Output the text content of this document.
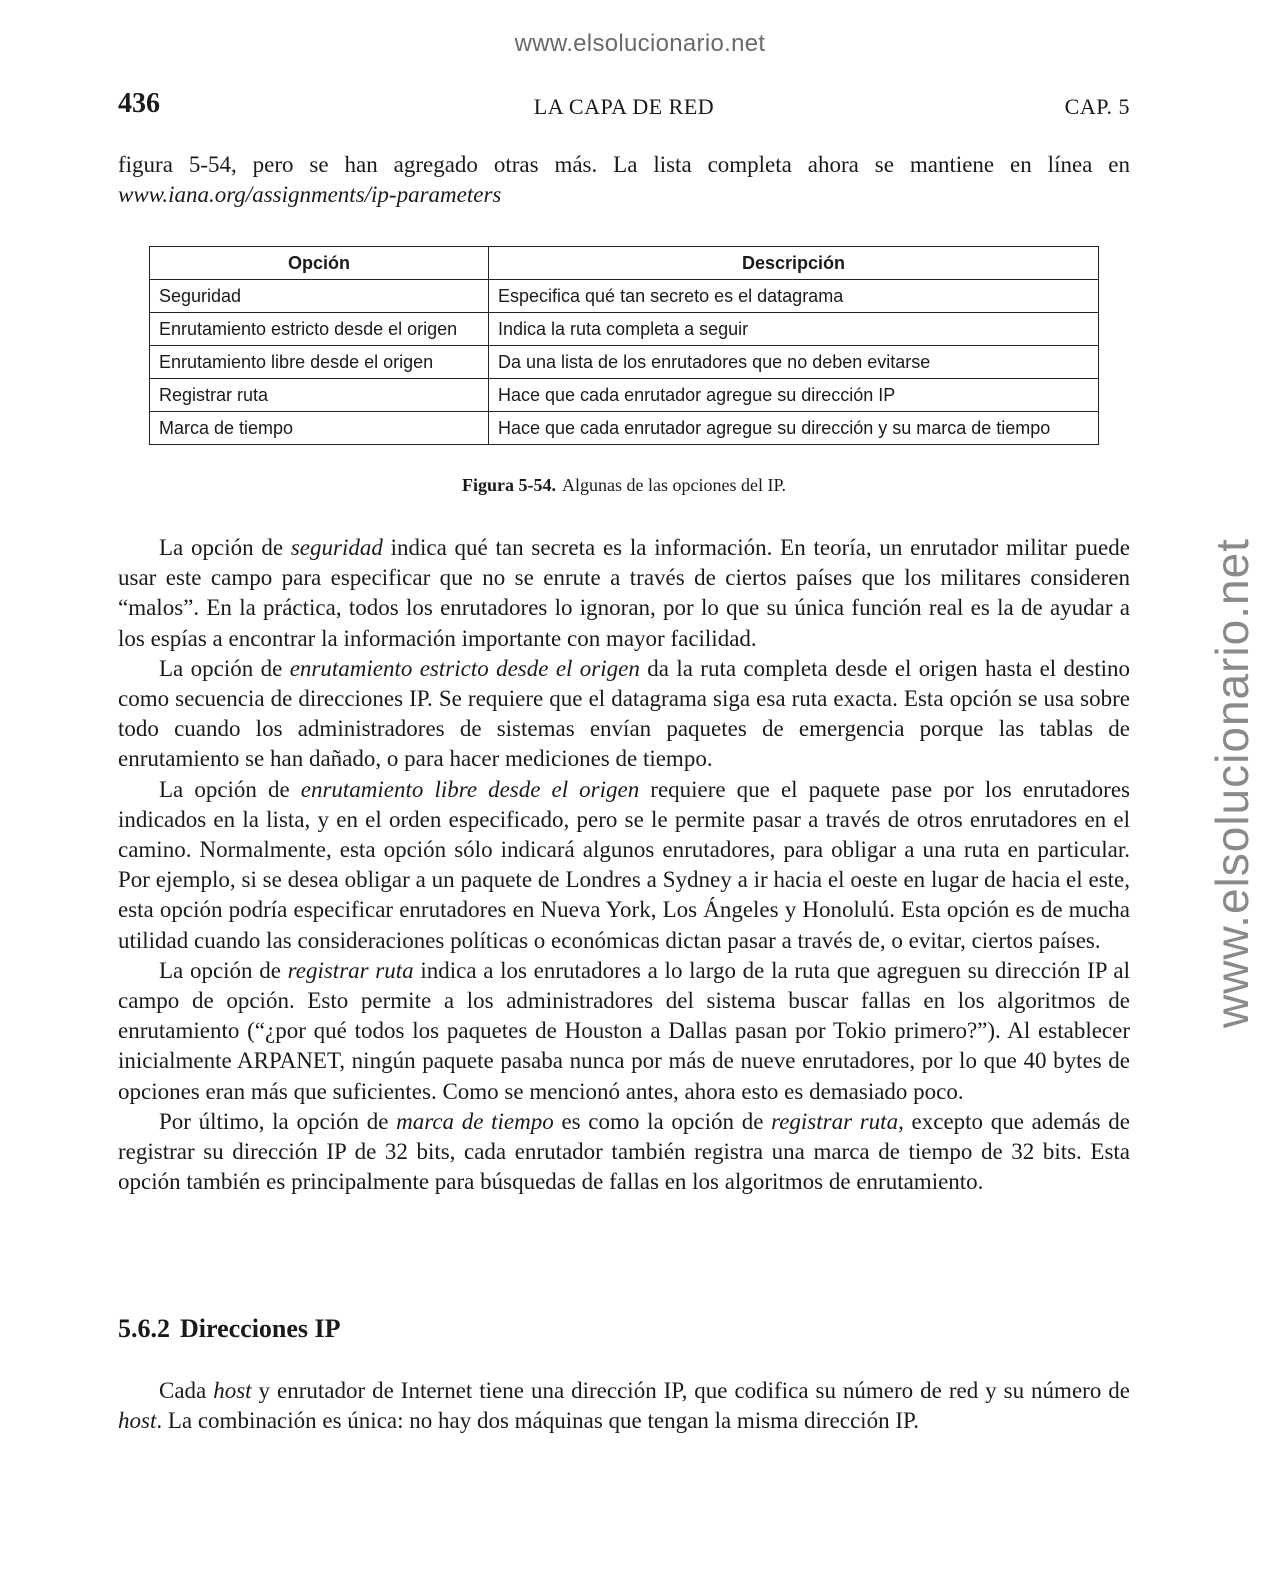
www.elsolucionario.net
www.elsolucionario.net
436	LA CAPA DE RED	CAP. 5

figura 5-54, pero se han agregado otras más. La lista completa ahora se mantiene en línea en www.iana.org/assignments/ip-parameters

Opción	Descripción
Seguridad	Especifica qué tan secreto es el datagrama
Enrutamiento estricto desde el origen	Indica la ruta completa a seguir
Enrutamiento libre desde el origen	Da una lista de los enrutadores que no deben evitarse
Registrar ruta	Hace que cada enrutador agregue su dirección IP
Marca de tiempo	Hace que cada enrutador agregue su dirección y su marca de tiempo
Figura 5-54. Algunas de las opciones del IP.

La opción de seguridad indica qué tan secreta es la información. En teoría, un enrutador militar puede usar este campo para especificar que no se enrute a través de ciertos países que los militares consideren “malos”. En la práctica, todos los enrutadores lo ignoran, por lo que su única función real es la de ayudar a los espías a encontrar la información importante con mayor facilidad.

La opción de enrutamiento estricto desde el origen da la ruta completa desde el origen hasta el destino como secuencia de direcciones IP. Se requiere que el datagrama siga esa ruta exacta. Esta opción se usa sobre todo cuando los administradores de sistemas envían paquetes de emergencia porque las tablas de enrutamiento se han dañado, o para hacer mediciones de tiempo.

La opción de enrutamiento libre desde el origen requiere que el paquete pase por los enrutadores indicados en la lista, y en el orden especificado, pero se le permite pasar a través de otros enrutadores en el camino. Normalmente, esta opción sólo indicará algunos enrutadores, para obligar a una ruta en particular. Por ejemplo, si se desea obligar a un paquete de Londres a Sydney a ir hacia el oeste en lugar de hacia el este, esta opción podría especificar enrutadores en Nueva York, Los Ángeles y Honolulú. Esta opción es de mucha utilidad cuando las consideraciones políticas o económicas dictan pasar a través de, o evitar, ciertos países.

La opción de registrar ruta indica a los enrutadores a lo largo de la ruta que agreguen su dirección IP al campo de opción. Esto permite a los administradores del sistema buscar fallas en los algoritmos de enrutamiento (“¿por qué todos los paquetes de Houston a Dallas pasan por Tokio primero?”). Al establecer inicialmente ARPANET, ningún paquete pasaba nunca por más de nueve enrutadores, por lo que 40 bytes de opciones eran más que suficientes. Como se mencionó antes, ahora esto es demasiado poco.

Por último, la opción de marca de tiempo es como la opción de registrar ruta, excepto que además de registrar su dirección IP de 32 bits, cada enrutador también registra una marca de tiempo de 32 bits. Esta opción también es principalmente para búsquedas de fallas en los algoritmos de enrutamiento.

5.6.2 Direcciones IP

Cada host y enrutador de Internet tiene una dirección IP, que codifica su número de red y su número de host. La combinación es única: no hay dos máquinas que tengan la misma dirección IP.
